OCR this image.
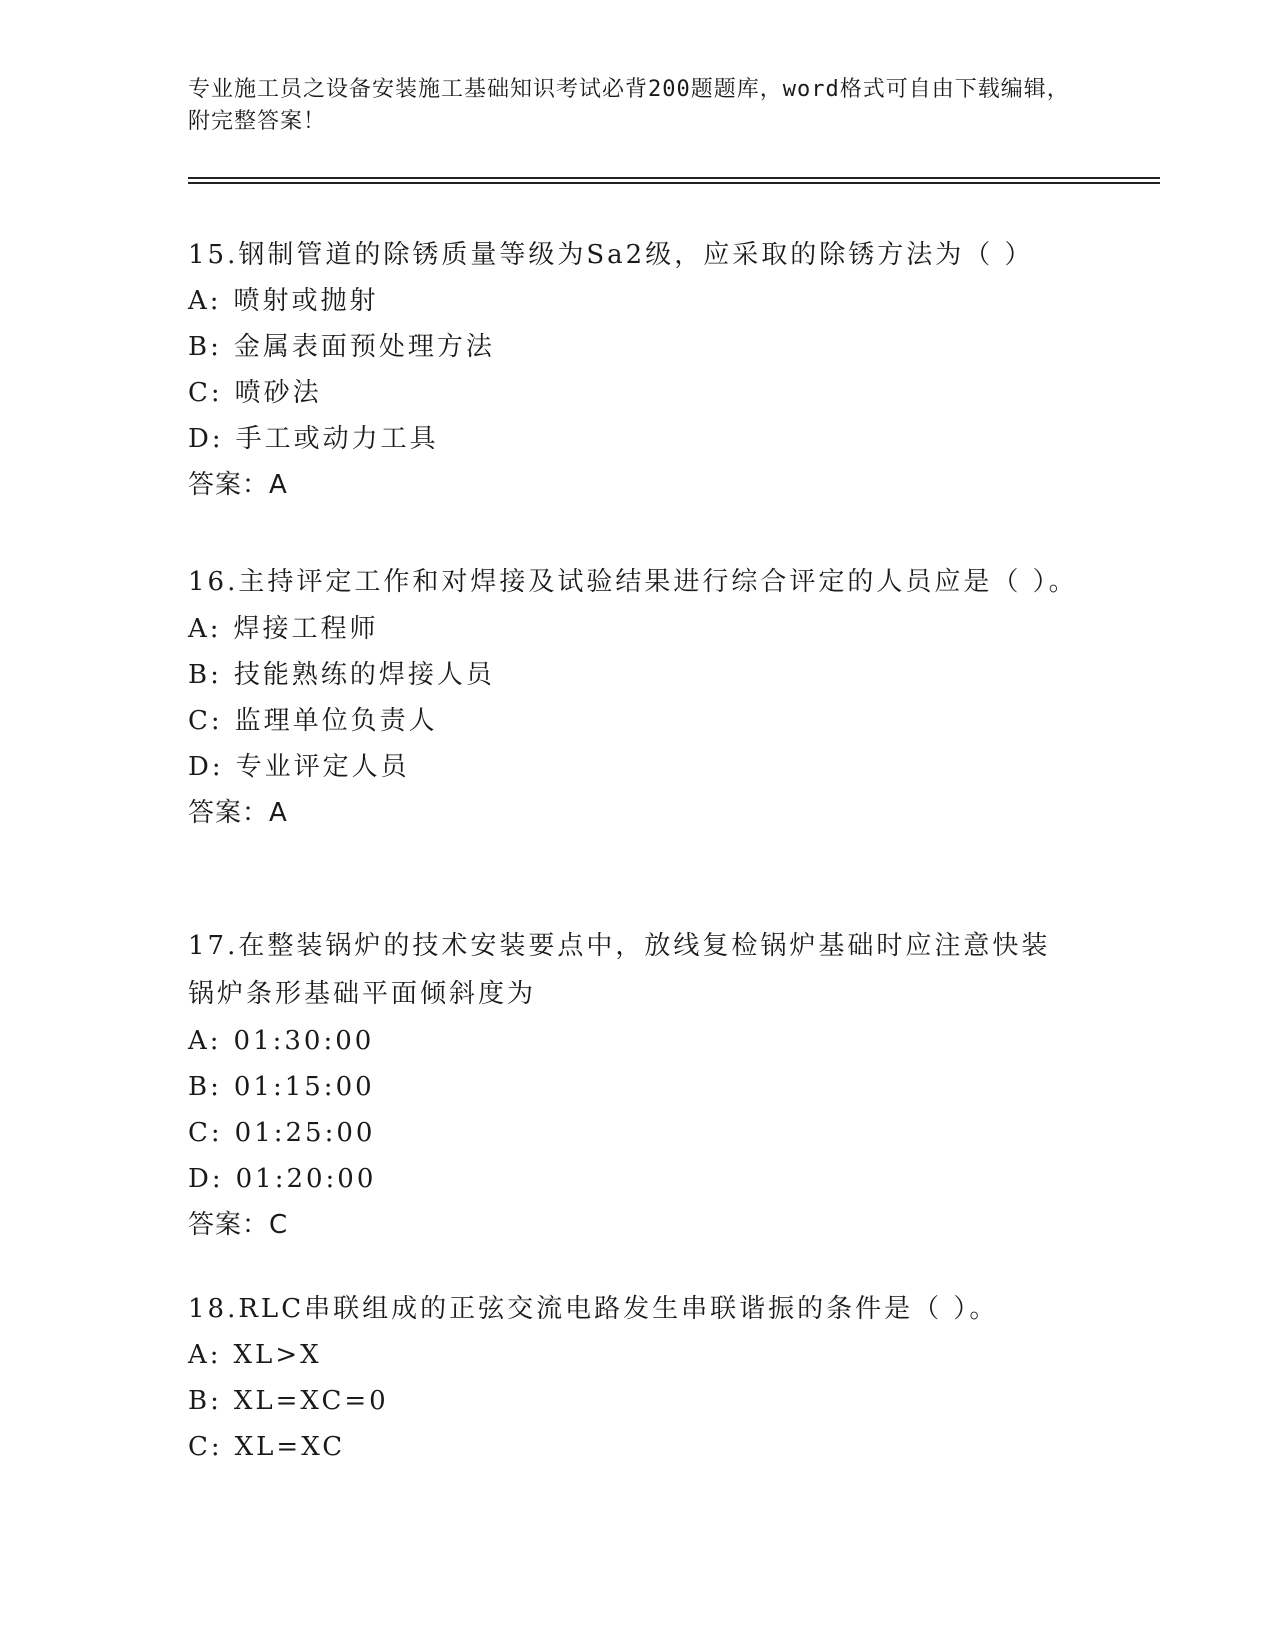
专业施工员之设备安装施工基础知识考试必背200题题库，word格式可自由下载编辑，附完整答案！
15.钢制管道的除锈质量等级为Sa2级，应采取的除锈方法为（ ）
A: 喷射或抛射
B: 金属表面预处理方法
C: 喷砂法
D: 手工或动力工具
答案：A
16.主持评定工作和对焊接及试验结果进行综合评定的人员应是（ ）。
A: 焊接工程师
B: 技能熟练的焊接人员
C: 监理单位负责人
D: 专业评定人员
答案：A
17.在整装锅炉的技术安装要点中，放线复检锅炉基础时应注意快装锅炉条形基础平面倾斜度为
A: 01:30:00
B: 01:15:00
C: 01:25:00
D: 01:20:00
答案：C
18.RLC串联组成的正弦交流电路发生串联谐振的条件是（ ）。
A: XL>X
B: XL=XC=0
C: XL=XC
